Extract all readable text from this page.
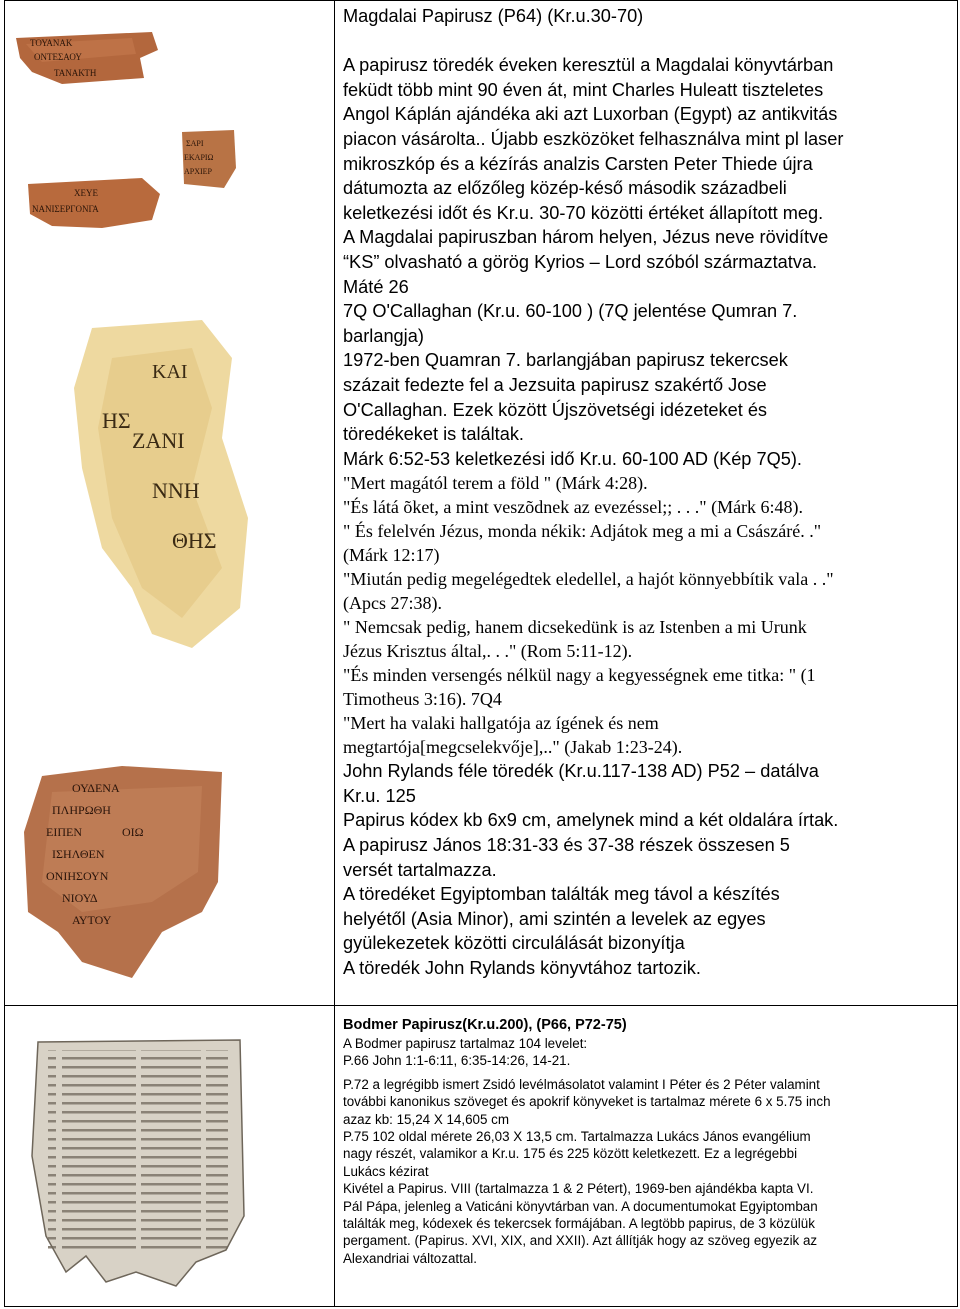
ΤΟΥΑΝΑΚ
ΟΝΤΕΣΑΟΥ
ΤΑΝΑΚΤΗ
ΣΑΡΙ
ΕΚΑΡΙΩ
ΑΡΧΙΕΡ
ΧΕΥΕ
ΝΑΝΙΣΕΡΓΟΝΓΑ
ΚΑΙ
ΗΣ
ΖΑΝΙ
ΝΝΗ
ΘΗΣ
ΟΥΔΕΝΑ
ΠΛΗΡΩΘΗ
ΕΙΠΕΝ	ΟΙΩ
ΙΣΗΛΘΕΝ
ΟΝΙΗΣΟΥΝ
ΝΙΟΥΔ
ΑΥΤΟΥ
Magdalai Papirusz (P64) (Kr.u.30-70)

A papirusz töredék éveken keresztül a Magdalai könyvtárban
feküdt több mint 90 éven át, mint Charles Huleatt tiszteletes
Angol Káplán ajándéka aki azt Luxorban (Egypt) az antikvitás
piacon vásárolta.. Újabb eszközöket felhasználva mint pl laser
mikroszkóp és a kézírás analzis Carsten Peter Thiede újra
dátumozta az előzőleg közép-késő második századbeli
keletkezési időt és Kr.u. 30-70 közötti értéket állapított meg.
A Magdalai papiruszban három helyen, Jézus neve rövidítve
“KS” olvasható a görög Kyrios – Lord szóból származtatva.
Máté 26
7Q O'Callaghan (Kr.u. 60-100 ) (7Q jelentése Qumran 7.
barlangja)
1972-ben Quamran 7. barlangjában papirusz tekercsek
százait fedezte fel a Jezsuita papirusz szakértő Jose
O'Callaghan. Ezek között Újszövetségi idézeteket és
töredékeket is találtak.
Márk 6:52-53 keletkezési idő Kr.u. 60-100 AD (Kép 7Q5).
"Mert magától terem a föld " (Márk 4:28).
"És látá õket, a mint veszõdnek az evezéssel;; . . ." (Márk 6:48).
" És felelvén Jézus, monda nékik: Adjátok meg a mi a Császáré. ."
(Márk 12:17)
"Miután pedig megelégedtek eledellel, a hajót könnyebbítik vala . ."
(Apcs 27:38).
" Nemcsak pedig, hanem dicsekedünk is az Istenben a mi Urunk
Jézus Krisztus által,. . ." (Rom 5:11-12).
"És minden versengés nélkül nagy a kegyességnek eme titka: " (1
Timotheus 3:16). 7Q4
"Mert ha valaki hallgatója az ígének és nem
megtartója[megcselekvője],.." (Jakab 1:23-24).
John Rylands féle töredék (Kr.u.117-138 AD) P52 – datálva
Kr.u. 125
Papirus kódex kb 6x9 cm, amelynek mind a két oldalára írtak.
A papirusz János 18:31-33 és 37-38 részek összesen 5
versét tartalmazza.
A töredéket Egyiptomban találták meg távol a készítés
helyétől (Asia Minor), ami szintén a levelek az egyes
gyülekezetek közötti circulálását bizonyítja
A töredék John Rylands könyvtához tartozik.
Bodmer Papirusz(Kr.u.200), (P66, P72-75)
A Bodmer papirusz tartalmaz 104 levelet:
P.66 John 1:1-6:11, 6:35-14:26, 14-21.
P.72 a legrégibb ismert Zsidó levélmásolatot valamint I Péter és 2 Péter valamint
további kanonikus szöveget és apokrif könyveket is tartalmaz mérete 6 x 5.75 inch
azaz kb: 15,24 X 14,605 cm
P.75 102 oldal mérete 26,03 X 13,5 cm. Tartalmazza Lukács János evangélium
nagy részét, valamikor a Kr.u. 175 és 225 között keletkezett. Ez a legrégebbi
Lukács kézirat
Kivétel a Papirus. VIII (tartalmazza 1 & 2 Pétert), 1969-ben ajándékba kapta VI.
Pál Pápa, jelenleg a Vaticáni könyvtárban van. A documentumokat Egyiptomban
találták meg, kódexek és tekercsek formájában. A legtöbb papirus, de 3 közülük
pergament. (Papirus. XVI, XIX, and XXII). Azt állítják hogy az szöveg egyezik az
Alexandriai változattal.
